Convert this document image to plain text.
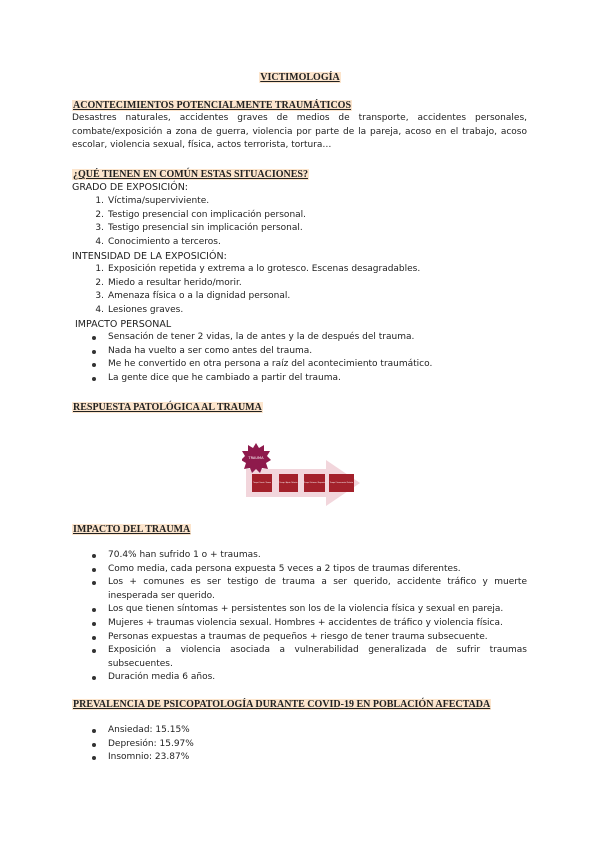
VICTIMOLOGÍA
ACONTECIMIENTOS POTENCIALMENTE TRAUMÁTICOS
Desastres naturales, accidentes graves de medios de transporte, accidentes personales, combate/exposición a zona de guerra, violencia por parte de la pareja, acoso en el trabajo, acoso escolar, violencia sexual, física, actos terrorista, tortura…
¿QUÉ TIENEN EN COMÚN ESTAS SITUACIONES?
GRADO DE EXPOSICIÓN:
1. Víctima/superviviente.
2. Testigo presencial con implicación personal.
3. Testigo presencial sin implicación personal.
4. Conocimiento a terceros.
INTENSIDAD DE LA EXPOSICIÓN:
1. Exposición repetida y extrema a lo grotesco. Escenas desagradables.
2. Miedo a resultar herido/morir.
3. Amenaza física o a la dignidad personal.
4. Lesiones graves.
IMPACTO PERSONAL
Sensación de tener 2 vidas, la de antes y la de después del trauma.
Nada ha vuelto a ser como antes del trauma.
Me he convertido en otra persona a raíz del acontecimiento traumático.
La gente dice que he cambiado a partir del trauma.
RESPUESTA PATOLÓGICA AL TRAUMA
TRAUMA
Tiempo / Evento / Trauma	Tiempo / Ajuste / Relación	Tiempo / Sistemas / Respuesta	Tiempo / Consecuencia / Relación
IMPACTO DEL TRAUMA
70.4% han sufrido 1 o + traumas.
Como media, cada persona expuesta 5 veces a 2 tipos de traumas diferentes.
Los + comunes es ser testigo de trauma a ser querido, accidente tráfico y muerte inesperada ser querido.
Los que tienen síntomas + persistentes son los de la violencia física y sexual en pareja.
Mujeres + traumas violencia sexual. Hombres + accidentes de tráfico y violencia física.
Personas expuestas a traumas de pequeños + riesgo de tener trauma subsecuente.
Exposición a violencia asociada a vulnerabilidad generalizada de sufrir traumas subsecuentes.
Duración media 6 años.
PREVALENCIA DE PSICOPATOLOGÍA DURANTE COVID-19 EN POBLACIÓN AFECTADA
Ansiedad: 15.15%
Depresión: 15.97%
Insomnio: 23.87%
